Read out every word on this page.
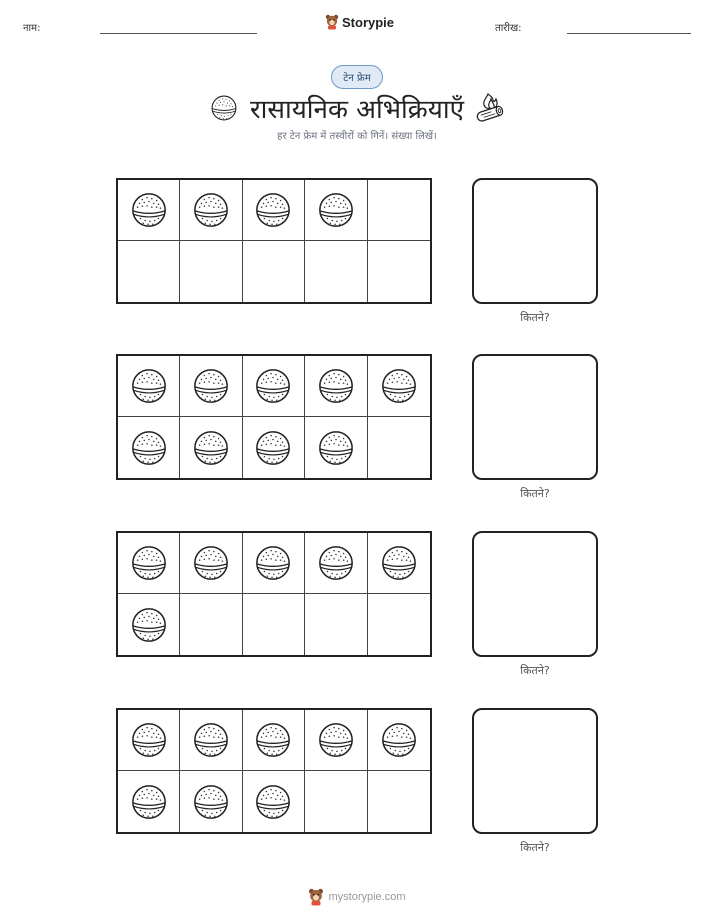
नाम:	Storypie	तारीख:
टेन फ्रेम
रासायनिक अभिक्रियाएँ
हर टेन फ्रेम में तस्वीरों को गिनें। संख्या लिखें।
कितने?
कितने?
कितने?
कितने?
mystorypie.com
